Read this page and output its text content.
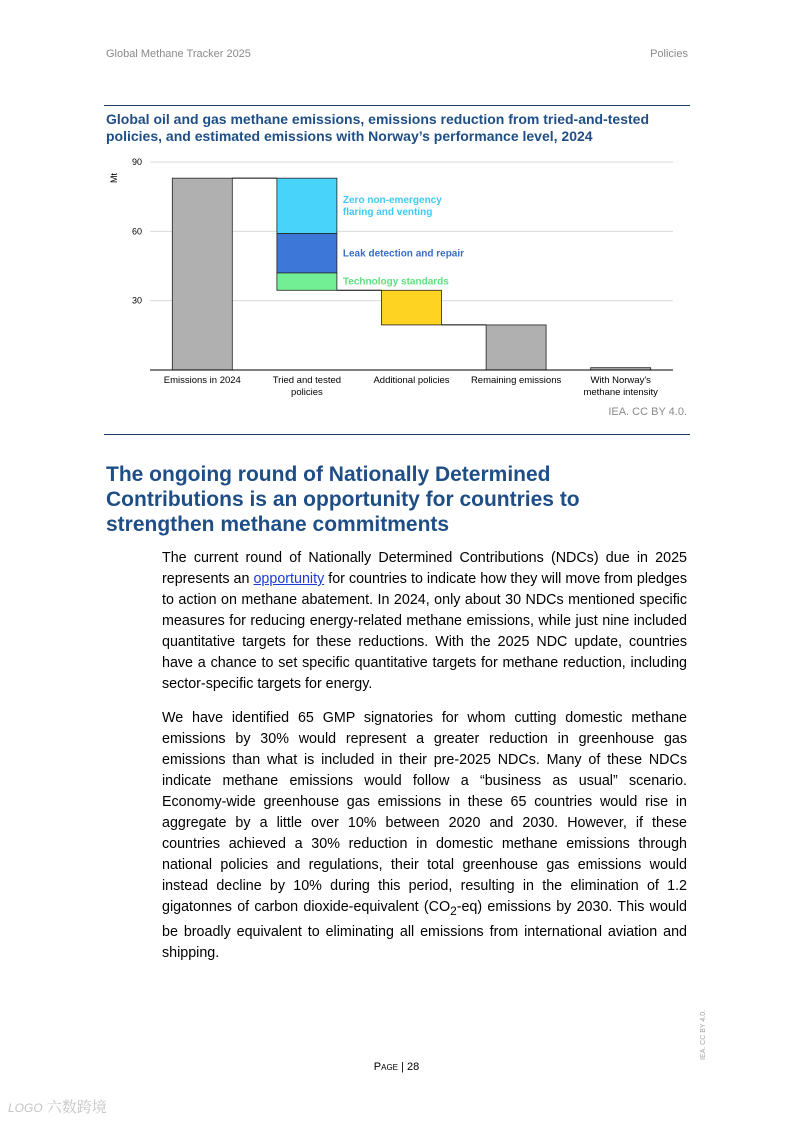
Global Methane Tracker 2025	Policies
Global oil and gas methane emissions, emissions reduction from tried-and-tested policies, and estimated emissions with Norway’s performance level, 2024
30
60
90
Mt
Zero non-emergency
flaring and venting
Leak detection and repair
Technology standards
Emissions in 2024	Tried and tested
policies
Additional policies Remaining emissions	With Norway's
methane intensity
IEA. CC BY 4.0.
The ongoing round of Nationally Determined Contributions is an opportunity for countries to strengthen methane commitments

The current round of Nationally Determined Contributions (NDCs) due in 2025 represents an opportunity for countries to indicate how they will move from pledges to action on methane abatement. In 2024, only about 30 NDCs mentioned specific measures for reducing energy-related methane emissions, while just nine included quantitative targets for these reductions. With the 2025 NDC update, countries have a chance to set specific quantitative targets for methane reduction, including sector-specific targets for energy.

We have identified 65 GMP signatories for whom cutting domestic methane emissions by 30% would represent a greater reduction in greenhouse gas emissions than what is included in their pre-2025 NDCs. Many of these NDCs indicate methane emissions would follow a “business as usual” scenario. Economy-wide greenhouse gas emissions in these 65 countries would rise in aggregate by a little over 10% between 2020 and 2030. However, if these countries achieved a 30% reduction in domestic methane emissions through national policies and regulations, their total greenhouse gas emissions would instead decline by 10% during this period, resulting in the elimination of 1.2 gigatonnes of carbon dioxide-equivalent $(CO_2-eq)$ emissions by 2030. This would be broadly equivalent to eliminating all emissions from international aviation and shipping.

Page | 28
IEA. CC BY 4.0.
LOGO 六数跨境
